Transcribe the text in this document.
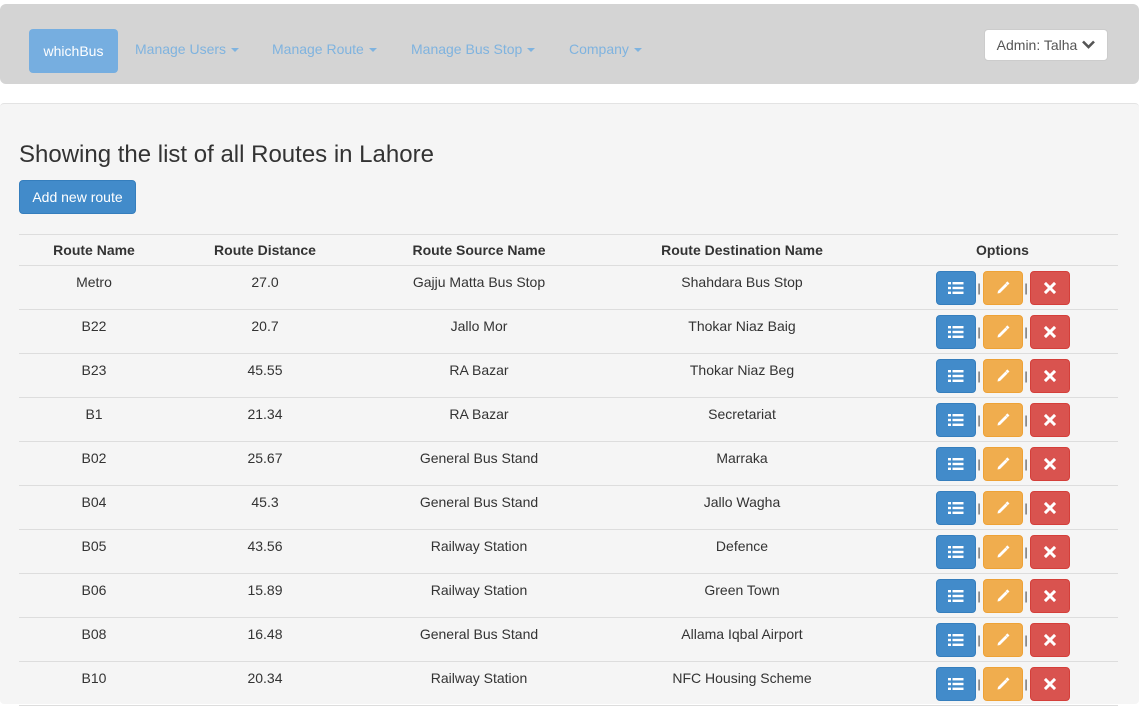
whichBus	Manage Users	Manage Route	Manage Bus Stop	Company	Admin: Talha
Showing the list of all Routes in Lahore
Add new route
Route Name	Route Distance	Route Source Name	Route Destination Name	Options
Metro	27.0	Gajju Matta Bus Stop	Shahdara Bus Stop	| |

B22	20.7	Jallo Mor	Thokar Niaz Baig	| |

B23	45.55	RA Bazar	Thokar Niaz Beg	| |

B1	21.34	RA Bazar	Secretariat	| |

B02	25.67	General Bus Stand	Marraka	| |

B04	45.3	General Bus Stand	Jallo Wagha	| |

B05	43.56	Railway Station	Defence	| |

B06	15.89	Railway Station	Green Town	| |

B08	16.48	General Bus Stand	Allama Iqbal Airport	| |

B10	20.34	Railway Station	NFC Housing Scheme	| |
